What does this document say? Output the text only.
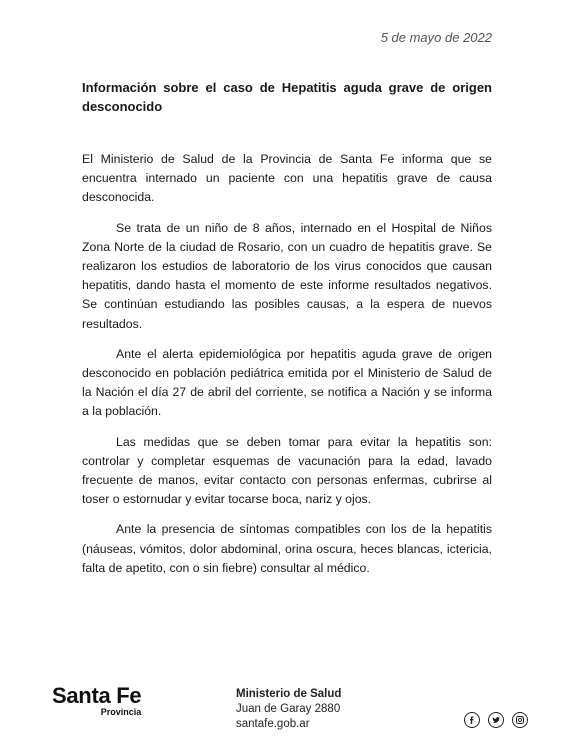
5 de mayo de 2022
Información sobre el caso de Hepatitis aguda grave de origen desconocido

El Ministerio de Salud de la Provincia de Santa Fe informa que se encuentra internado un paciente con una hepatitis grave de causa desconocida.

Se trata de un niño de 8 años, internado en el Hospital de Niños Zona Norte de la ciudad de Rosario, con un cuadro de hepatitis grave. Se realizaron los estudios de laboratorio de los virus conocidos que causan hepatitis, dando hasta el momento de este informe resultados negativos. Se continúan estudiando las posibles causas, a la espera de nuevos resultados.

Ante el alerta epidemiológica por hepatitis aguda grave de origen desconocido en población pediátrica emitida por el Ministerio de Salud de la Nación el día 27 de abril del corriente, se notifica a Nación y se informa a la población.

Las medidas que se deben tomar para evitar la hepatitis son: controlar y completar esquemas de vacunación para la edad, lavado frecuente de manos, evitar contacto con personas enfermas, cubrirse al toser o estornudar y evitar tocarse boca, nariz y ojos.

Ante la presencia de síntomas compatibles con los de la hepatitis (náuseas, vómitos, dolor abdominal, orina oscura, heces blancas, ictericia, falta de apetito, con o sin fiebre) consultar al médico.

Santa Fe
Provincia
Ministerio de Salud
Juan de Garay 2880
santafe.gob.ar
